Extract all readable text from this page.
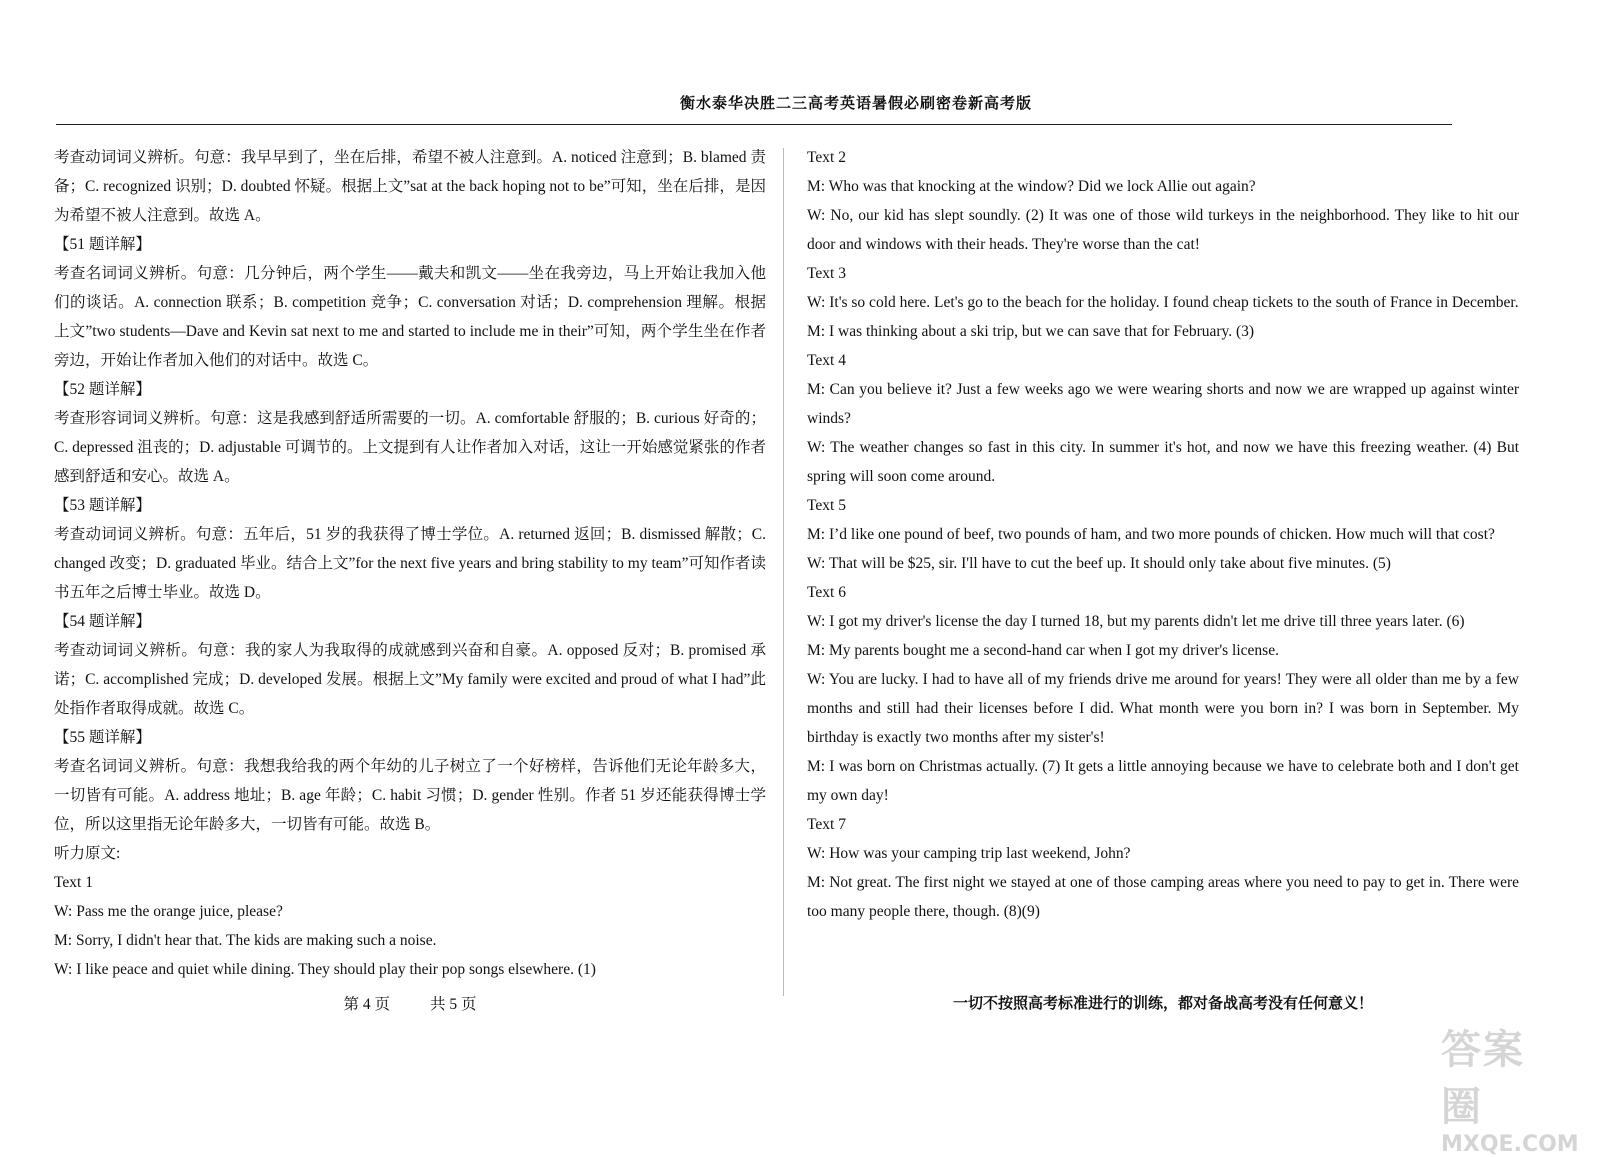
衡水泰华决胜二三高考英语暑假必刷密卷新高考版

考查动词词义辨析。句意：我早早到了，坐在后排，希望不被人注意到。A. noticed 注意到；B. blamed 责备；C. recognized 识别；D. doubted 怀疑。根据上文”sat at the back hoping not to be”可知，坐在后排，是因为希望不被人注意到。故选 A。

【51 题详解】

考查名词词义辨析。句意：几分钟后，两个学生——戴夫和凯文——坐在我旁边，马上开始让我加入他们的谈话。A. connection 联系；B. competition 竞争；C. conversation 对话；D. comprehension 理解。根据上文”two students—Dave and Kevin sat next to me and started to include me in their”可知，两个学生坐在作者旁边，开始让作者加入他们的对话中。故选 C。

【52 题详解】

考查形容词词义辨析。句意：这是我感到舒适所需要的一切。A. comfortable 舒服的；B. curious 好奇的；C. depressed 沮丧的；D. adjustable 可调节的。上文提到有人让作者加入对话，这让一开始感觉紧张的作者感到舒适和安心。故选 A。

【53 题详解】

考查动词词义辨析。句意：五年后，51 岁的我获得了博士学位。A. returned 返回；B. dismissed 解散；C. changed 改变；D. graduated 毕业。结合上文”for the next five years and bring stability to my team”可知作者读书五年之后博士毕业。故选 D。

【54 题详解】

考查动词词义辨析。句意：我的家人为我取得的成就感到兴奋和自豪。A. opposed 反对；B. promised 承诺；C. accomplished 完成；D. developed 发展。根据上文”My family were excited and proud of what I had”此处指作者取得成就。故选 C。

【55 题详解】

考查名词词义辨析。句意：我想我给我的两个年幼的儿子树立了一个好榜样，告诉他们无论年龄多大，一切皆有可能。A. address 地址；B. age 年龄；C. habit 习惯；D. gender 性别。作者 51 岁还能获得博士学位，所以这里指无论年龄多大，一切皆有可能。故选 B。

听力原文:

Text 1

W: Pass me the orange juice, please?

M: Sorry, I didn't hear that. The kids are making such a noise.

W: I like peace and quiet while dining. They should play their pop songs elsewhere. (1)

Text 2

M: Who was that knocking at the window? Did we lock Allie out again?

W: No, our kid has slept soundly. (2) It was one of those wild turkeys in the neighborhood. They like to hit our door and windows with their heads. They're worse than the cat!

Text 3

W: It's so cold here. Let's go to the beach for the holiday. I found cheap tickets to the south of France in December.

M: I was thinking about a ski trip, but we can save that for February. (3)

Text 4

M: Can you believe it? Just a few weeks ago we were wearing shorts and now we are wrapped up against winter winds?

W: The weather changes so fast in this city. In summer it's hot, and now we have this freezing weather. (4) But spring will soon come around.

Text 5

M: I’d like one pound of beef, two pounds of ham, and two more pounds of chicken. How much will that cost?

W: That will be $25, sir. I'll have to cut the beef up. It should only take about five minutes. (5)

Text 6

W: I got my driver's license the day I turned 18, but my parents didn't let me drive till three years later. (6)

M: My parents bought me a second-hand car when I got my driver's license.

W: You are lucky. I had to have all of my friends drive me around for years! They were all older than me by a few months and still had their licenses before I did. What month were you born in? I was born in September. My birthday is exactly two months after my sister's!

M: I was born on Christmas actually. (7) It gets a little annoying because we have to celebrate both and I don't get my own day!

Text 7

W: How was your camping trip last weekend, John?

M: Not great. The first night we stayed at one of those camping areas where you need to pay to get in. There were too many people there, though. (8)(9)

第 4 页	共 5 页	一切不按照高考标准进行的训练，都对备战高考没有任何意义！
答案圈
MXQE.COM
